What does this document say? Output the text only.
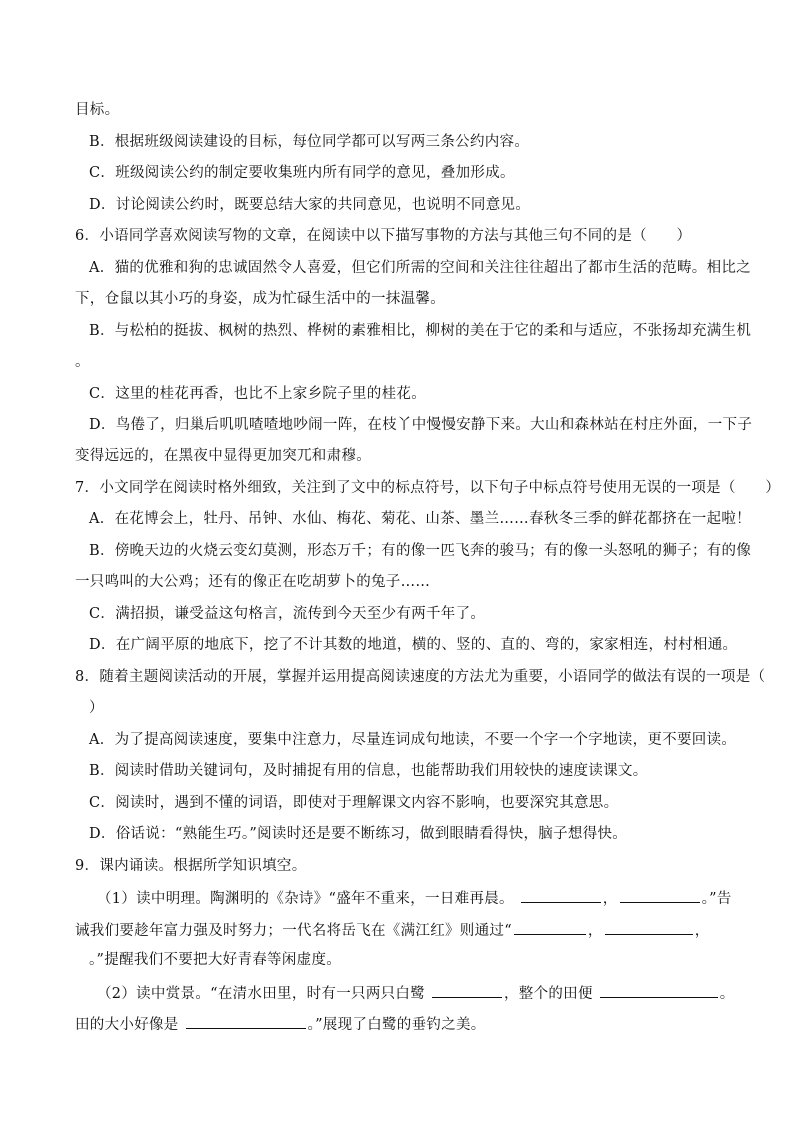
目标。
B．根据班级阅读建设的目标，每位同学都可以写两三条公约内容。
C．班级阅读公约的制定要收集班内所有同学的意见，叠加形成。
D．讨论阅读公约时，既要总结大家的共同意见，也说明不同意见。
6．小语同学喜欢阅读写物的文章，在阅读中以下描写事物的方法与其他三句不同的是（　　）
A．猫的优雅和狗的忠诚固然令人喜爱，但它们所需的空间和关注往往超出了都市生活的范畴。相比之
下，仓鼠以其小巧的身姿，成为忙碌生活中的一抹温馨。
B．与松柏的挺拔、枫树的热烈、桦树的素雅相比，柳树的美在于它的柔和与适应，不张扬却充满生机
。
C．这里的桂花再香，也比不上家乡院子里的桂花。
D．鸟倦了，归巢后叽叽喳喳地吵闹一阵，在枝丫中慢慢安静下来。大山和森林站在村庄外面，一下子
变得远远的，在黑夜中显得更加突兀和肃穆。
7．小文同学在阅读时格外细致，关注到了文中的标点符号，以下句子中标点符号使用无误的一项是（　　）
A．在花博会上，牡丹、吊钟、水仙、梅花、菊花、山茶、墨兰……春秋冬三季的鲜花都挤在一起啦！
B．傍晚天边的火烧云变幻莫测，形态万千；有的像一匹飞奔的骏马；有的像一头怒吼的狮子；有的像
一只鸣叫的大公鸡；还有的像正在吃胡萝卜的兔子……
C．满招损，谦受益这句格言，流传到今天至少有两千年了。
D．在广阔平原的地底下，挖了不计其数的地道，横的、竖的、直的、弯的，家家相连，村村相通。
8．随着主题阅读活动的开展，掌握并运用提高阅读速度的方法尤为重要，小语同学的做法有误的一项是（
）
A．为了提高阅读速度，要集中注意力，尽量连词成句地读，不要一个字一个字地读，更不要回读。
B．阅读时借助关键词句，及时捕捉有用的信息，也能帮助我们用较快的速度读课文。
C．阅读时，遇到不懂的词语，即使对于理解课文内容不影响，也要深究其意思。
D．俗话说：“熟能生巧。”阅读时还是要不断练习，做到眼睛看得快，脑子想得快。
9．课内诵读。根据所学知识填空。
（1）读中明理。陶渊明的《杂诗》“盛年不重来，一日难再晨。	，	。”告
诫我们要趁年富力强及时努力；一代名将岳飞在《满江红》则通过“	，	，
。”提醒我们不要把大好青春等闲虚度。
（2）读中赏景。“在清水田里，时有一只两只白鹭	，整个的田便	。
田的大小好像是	。”展现了白鹭的垂钓之美。
